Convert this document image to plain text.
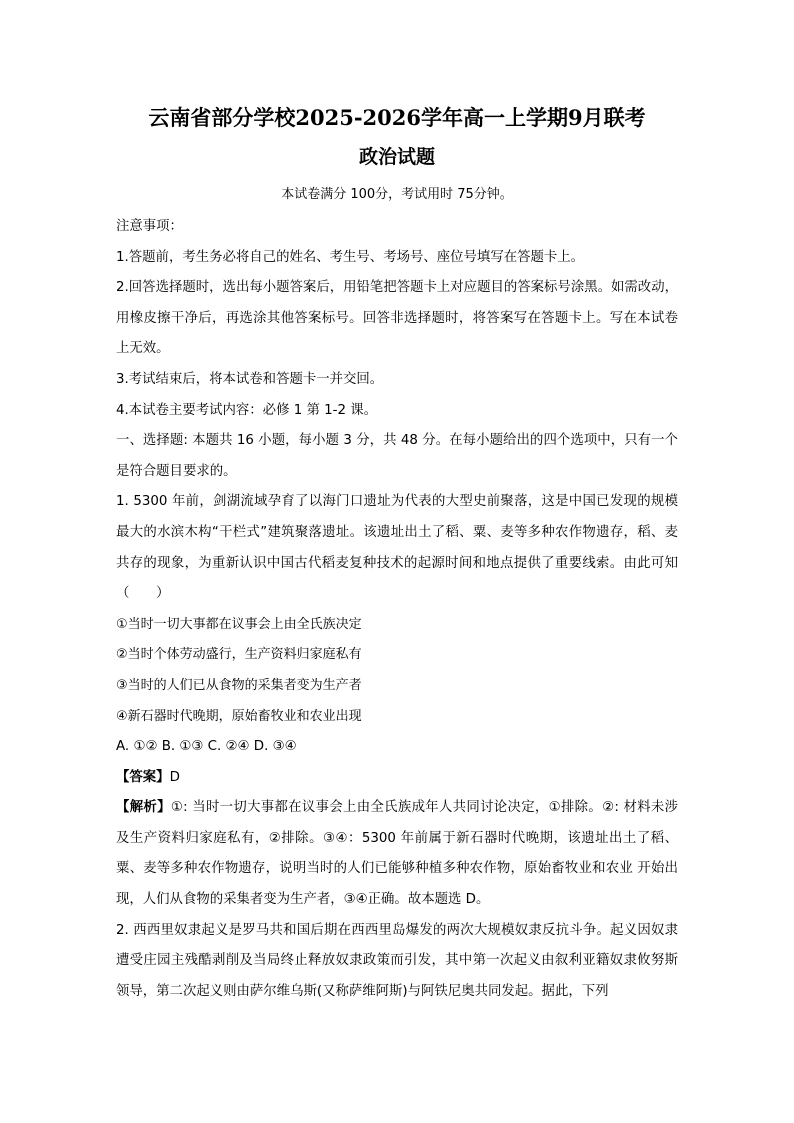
云南省部分学校2025-2026学年高一上学期9月联考
政治试题
本试卷满分 100分，考试用时 75分钟。

注意事项：

1.答题前，考生务必将自己的姓名、考生号、考场号、座位号填写在答题卡上。

2.回答选择题时，选出每小题答案后，用铅笔把答题卡上对应题目的答案标号涂黑。如需改动，用橡皮擦干净后，再选涂其他答案标号。回答非选择题时，将答案写在答题卡上。写在本试卷上无效。

3.考试结束后，将本试卷和答题卡一并交回。

4.本试卷主要考试内容：必修 1 第 1-2 课。

一、选择题: 本题共 16 小题，每小题 3 分，共 48 分。在每小题给出的四个选项中，只有一个是符合题目要求的。

1. 5300 年前，剑湖流域孕育了以海门口遗址为代表的大型史前聚落，这是中国已发现的规模最大的水滨木构“干栏式”建筑聚落遗址。该遗址出土了稻、粟、麦等多种农作物遗存，稻、麦共存的现象，为重新认识中国古代稻麦复种技术的起源时间和地点提供了重要线索。由此可知（　　）

①当时一切大事都在议事会上由全氏族决定

②当时个体劳动盛行，生产资料归家庭私有

③当时的人们已从食物的采集者变为生产者

④新石器时代晚期，原始畜牧业和农业出现

A. ①② B. ①③ C. ②④ D. ③④

【答案】D

【解析】①: 当时一切大事都在议事会上由全氏族成年人共同讨论决定，①排除。②: 材料未涉及生产资料归家庭私有，②排除。③④：5300 年前属于新石器时代晚期，该遗址出土了稻、粟、麦等多种农作物遗存，说明当时的人们已能够种植多种农作物，原始畜牧业和农业 开始出现，人们从食物的采集者变为生产者，③④正确。故本题选 D。

2. 西西里奴隶起义是罗马共和国后期在西西里岛爆发的两次大规模奴隶反抗斗争。起义因奴隶遭受庄园主残酷剥削及当局终止释放奴隶政策而引发，其中第一次起义由叙利亚籍奴隶攸努斯领导，第二次起义则由萨尔维乌斯(又称萨维阿斯)与阿铁尼奥共同发起。据此，下列
